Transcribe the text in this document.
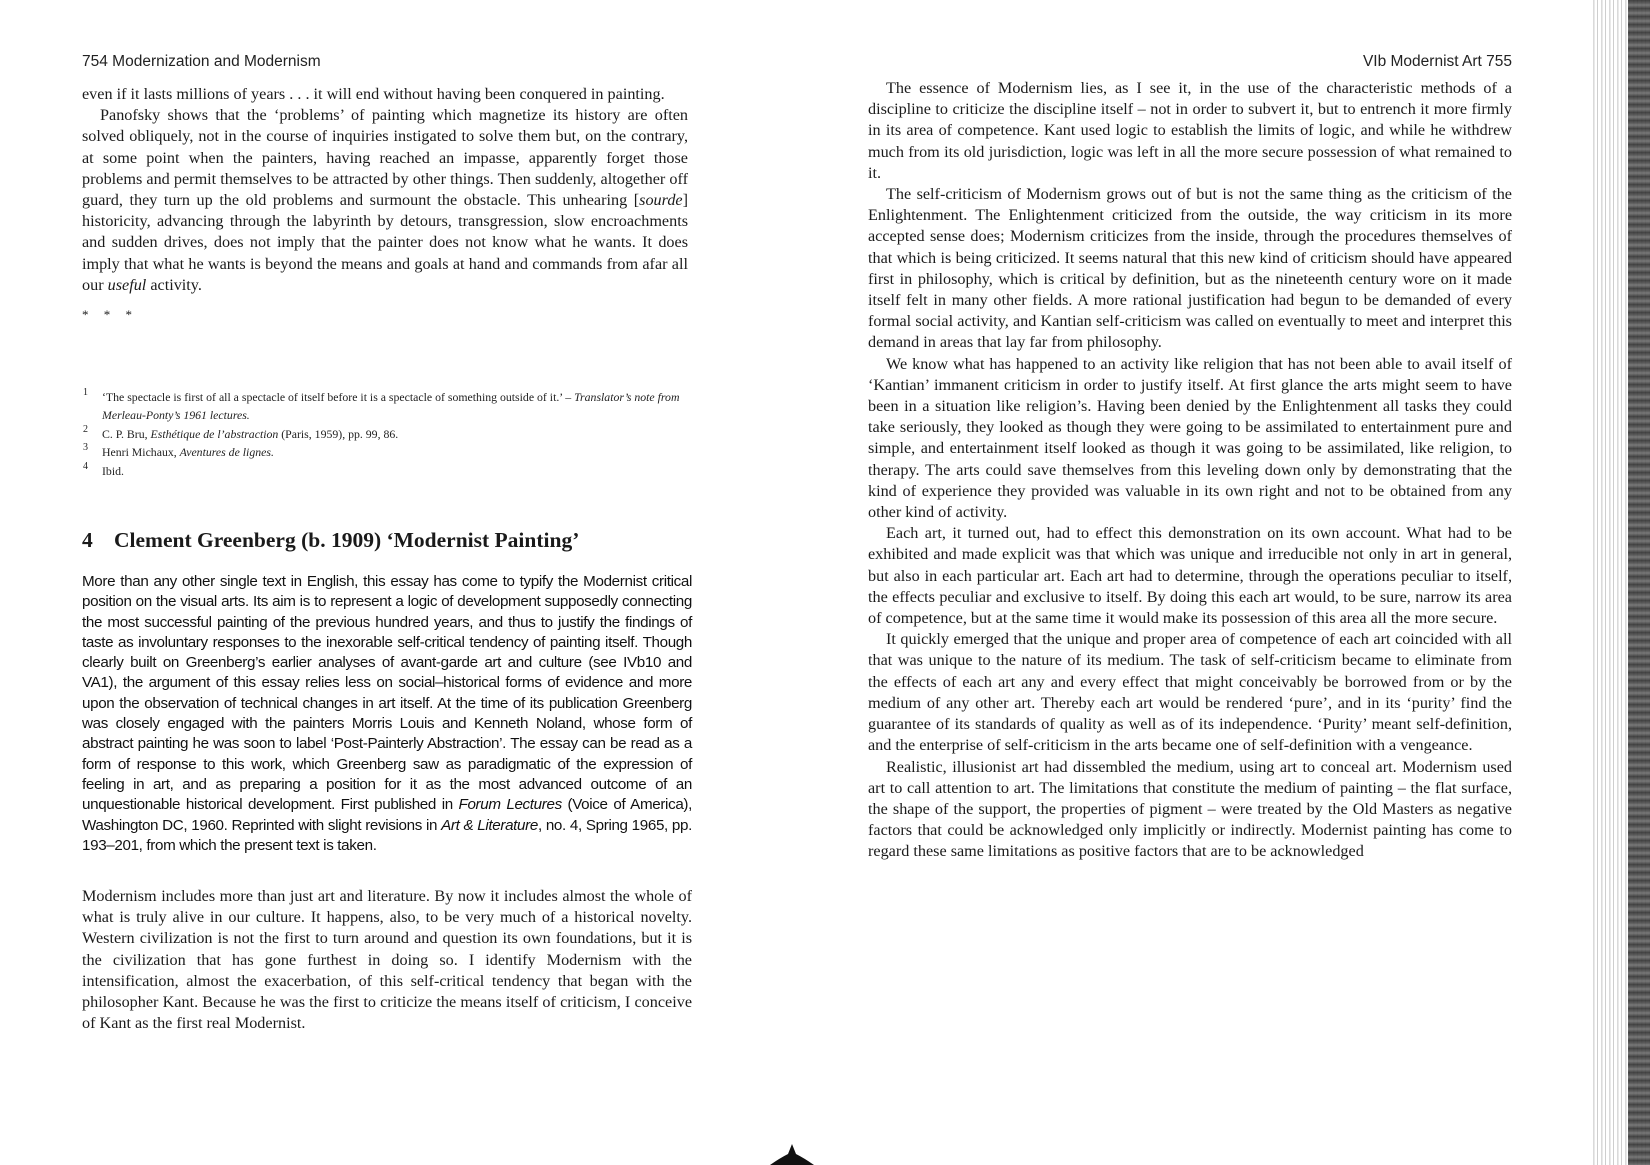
754 Modernization and Modernism

even if it lasts millions of years . . . it will end without having been conquered in painting.

Panofsky shows that the ‘problems’ of painting which magnetize its history are often solved obliquely, not in the course of inquiries instigated to solve them but, on the contrary, at some point when the painters, having reached an impasse, apparently forget those problems and permit themselves to be attracted by other things. Then suddenly, altogether off guard, they turn up the old problems and surmount the obstacle. This unhearing [sourde] historicity, advancing through the labyrinth by detours, transgression, slow encroachments and sudden drives, does not imply that the painter does not know what he wants. It does imply that what he wants is beyond the means and goals at hand and commands from afar all our useful activity.

* * *
1 ‘The spectacle is first of all a spectacle of itself before it is a spectacle of something outside of it.’ – Translator’s note from Merleau-Ponty’s 1961 lectures.
2 C. P. Bru, Esthétique de l’abstraction (Paris, 1959), pp. 99, 86.
3 Henri Michaux, Aventures de lignes.
4 Ibid.
4 Clement Greenberg (b. 1909) ‘Modernist Painting’

More than any other single text in English, this essay has come to typify the Modernist critical position on the visual arts. Its aim is to represent a logic of development supposedly connecting the most successful painting of the previous hundred years, and thus to justify the findings of taste as involuntary responses to the inexorable self-critical tendency of painting itself. Though clearly built on Greenberg’s earlier analyses of avant-garde art and culture (see IVb10 and VA1), the argument of this essay relies less on social–historical forms of evidence and more upon the observation of technical changes in art itself. At the time of its publication Greenberg was closely engaged with the painters Morris Louis and Kenneth Noland, whose form of abstract painting he was soon to label ‘Post-Painterly Abstraction’. The essay can be read as a form of response to this work, which Greenberg saw as paradigmatic of the expression of feeling in art, and as preparing a position for it as the most advanced outcome of an unquestionable historical development. First published in Forum Lectures (Voice of America), Washington DC, 1960. Reprinted with slight revisions in Art & Literature, no. 4, Spring 1965, pp. 193–201, from which the present text is taken.

Modernism includes more than just art and literature. By now it includes almost the whole of what is truly alive in our culture. It happens, also, to be very much of a historical novelty. Western civilization is not the first to turn around and question its own foundations, but it is the civilization that has gone furthest in doing so. I identify Modernism with the intensification, almost the exacerbation, of this self-critical tendency that began with the philosopher Kant. Because he was the first to criticize the means itself of criticism, I conceive of Kant as the first real Modernist.

VIb Modernist Art 755

The essence of Modernism lies, as I see it, in the use of the characteristic methods of a discipline to criticize the discipline itself – not in order to subvert it, but to entrench it more firmly in its area of competence. Kant used logic to establish the limits of logic, and while he withdrew much from its old jurisdiction, logic was left in all the more secure possession of what remained to it.

The self-criticism of Modernism grows out of but is not the same thing as the criticism of the Enlightenment. The Enlightenment criticized from the outside, the way criticism in its more accepted sense does; Modernism criticizes from the inside, through the procedures themselves of that which is being criticized. It seems natural that this new kind of criticism should have appeared first in philosophy, which is critical by definition, but as the nineteenth century wore on it made itself felt in many other fields. A more rational justification had begun to be demanded of every formal social activity, and Kantian self-criticism was called on eventually to meet and interpret this demand in areas that lay far from philosophy.

We know what has happened to an activity like religion that has not been able to avail itself of ‘Kantian’ immanent criticism in order to justify itself. At first glance the arts might seem to have been in a situation like religion’s. Having been denied by the Enlightenment all tasks they could take seriously, they looked as though they were going to be assimilated to entertainment pure and simple, and entertainment itself looked as though it was going to be assimilated, like religion, to therapy. The arts could save themselves from this leveling down only by demonstrating that the kind of experience they provided was valuable in its own right and not to be obtained from any other kind of activity.

Each art, it turned out, had to effect this demonstration on its own account. What had to be exhibited and made explicit was that which was unique and irreducible not only in art in general, but also in each particular art. Each art had to determine, through the operations peculiar to itself, the effects peculiar and exclusive to itself. By doing this each art would, to be sure, narrow its area of competence, but at the same time it would make its possession of this area all the more secure.

It quickly emerged that the unique and proper area of competence of each art coincided with all that was unique to the nature of its medium. The task of self-criticism became to eliminate from the effects of each art any and every effect that might conceivably be borrowed from or by the medium of any other art. Thereby each art would be rendered ‘pure’, and in its ‘purity’ find the guarantee of its standards of quality as well as of its independence. ‘Purity’ meant self-definition, and the enterprise of self-criticism in the arts became one of self-definition with a vengeance.

Realistic, illusionist art had dissembled the medium, using art to conceal art. Modernism used art to call attention to art. The limitations that constitute the medium of painting – the flat surface, the shape of the support, the properties of pigment – were treated by the Old Masters as negative factors that could be acknowledged only implicitly or indirectly. Modernist painting has come to regard these same limitations as positive factors that are to be acknowledged
